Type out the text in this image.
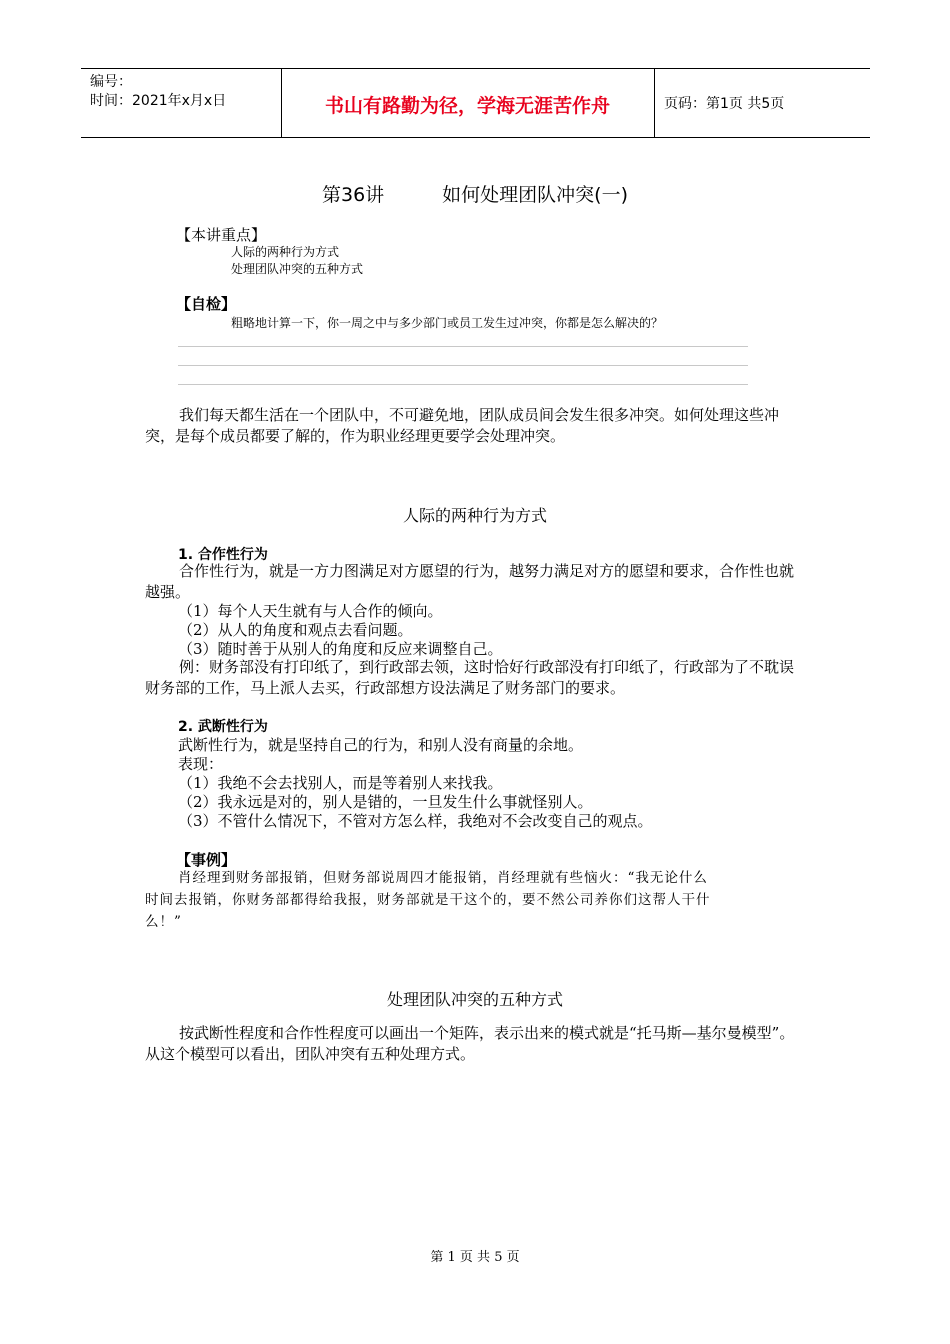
编号：
时间：2021年x月x日	书山有路勤为径，学海无涯苦作舟	页码：第1页 共5页
第36讲	如何处理团队冲突(一)
【本讲重点】
人际的两种行为方式
处理团队冲突的五种方式
【自检】
粗略地计算一下，你一周之中与多少部门或员工发生过冲突，你都是怎么解决的？

我们每天都生活在一个团队中，不可避免地，团队成员间会发生很多冲突。如何处理这些冲突，是每个成员都要了解的，作为职业经理更要学会处理冲突。

人际的两种行为方式
1. 合作性行为

合作性行为，就是一方力图满足对方愿望的行为，越努力满足对方的愿望和要求，合作性也就越强。

（1）每个人天生就有与人合作的倾向。
（2）从人的角度和观点去看问题。
（3）随时善于从别人的角度和反应来调整自己。

例：财务部没有打印纸了，到行政部去领，这时恰好行政部没有打印纸了，行政部为了不耽误财务部的工作，马上派人去买，行政部想方设法满足了财务部门的要求。

2. 武断性行为
武断性行为，就是坚持自己的行为，和别人没有商量的余地。
表现：
（1）我绝不会去找别人，而是等着别人来找我。
（2）我永远是对的，别人是错的，一旦发生什么事就怪别人。
（3）不管什么情况下，不管对方怎么样，我绝对不会改变自己的观点。
【事例】
肖经理到财务部报销，但财务部说周四才能报销，肖经理就有些恼火：“我无论什么
时间去报销，你财务部都得给我报，财务部就是干这个的，要不然公司养你们这帮人干什
么！”
处理团队冲突的五种方式

按武断性程度和合作性程度可以画出一个矩阵，表示出来的模式就是“托马斯—基尔曼模型”。从这个模型可以看出，团队冲突有五种处理方式。

第 1 页 共 5 页
